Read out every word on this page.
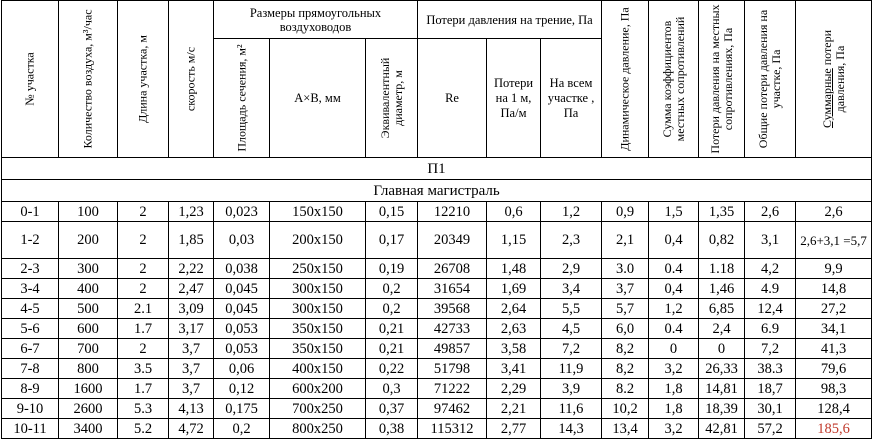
№ участка	Количество воздуха, м³/час	Длина участка, м	скорость м/с	Размеры прямоугольных воздуховодов			Потери давления на трение, Па			Динамическое давление, Па	Сумма коэффициентов местных сопротивлений	Потери давления на местных сопротивлениях, Па	Общие потери давления на участке, Па	Суммарные потери давления, Па

				Площадь сечения, м²	A×B, мм	Эквивалентный диаметр, м	Re	Потери на 1 м, Па/м	На всем участке , Па					
П1														
Главная магистраль														
0-1	100	2	1,23	0,023	150x150	0,15	12210	0,6	1,2	0,9	1,5	1,35	2,6	2,6
1-2	200	2	1,85	0,03	200x150	0,17	20349	1,15	2,3	2,1	0,4	0,82	3,1	2,6+3,1 =5,7
2-3	300	2	2,22	0,038	250x150	0,19	26708	1,48	2,9	3.0	0.4	1.18	4,2	9,9
3-4	400	2	2,47	0,045	300x150	0,2	31654	1,69	3,4	3,7	0,4	1,46	4.9	14,8
4-5	500	2.1	3,09	0,045	300x150	0,2	39568	2,64	5,5	5,7	1,2	6,85	12,4	27,2
5-6	600	1.7	3,17	0,053	350x150	0,21	42733	2,63	4,5	6,0	0.4	2,4	6.9	34,1
6-7	700	2	3,7	0,053	350x150	0,21	49857	3,58	7,2	8,2	0	0	7,2	41,3
7-8	800	3.5	3,7	0,06	400x150	0,22	51798	3,41	11,9	8,2	3,2	26,33	38.3	79,6
8-9	1600	1.7	3,7	0,12	600x200	0,3	71222	2,29	3,9	8.2	1,8	14,81	18,7	98,3
9-10	2600	5.3	4,13	0,175	700x250	0,37	97462	2,21	11,6	10,2	1,8	18,39	30,1	128,4
10-11	3400	5.2	4,72	0,2	800x250	0,38	115312	2,77	14,3	13,4	3,2	42,81	57,2	185,6
